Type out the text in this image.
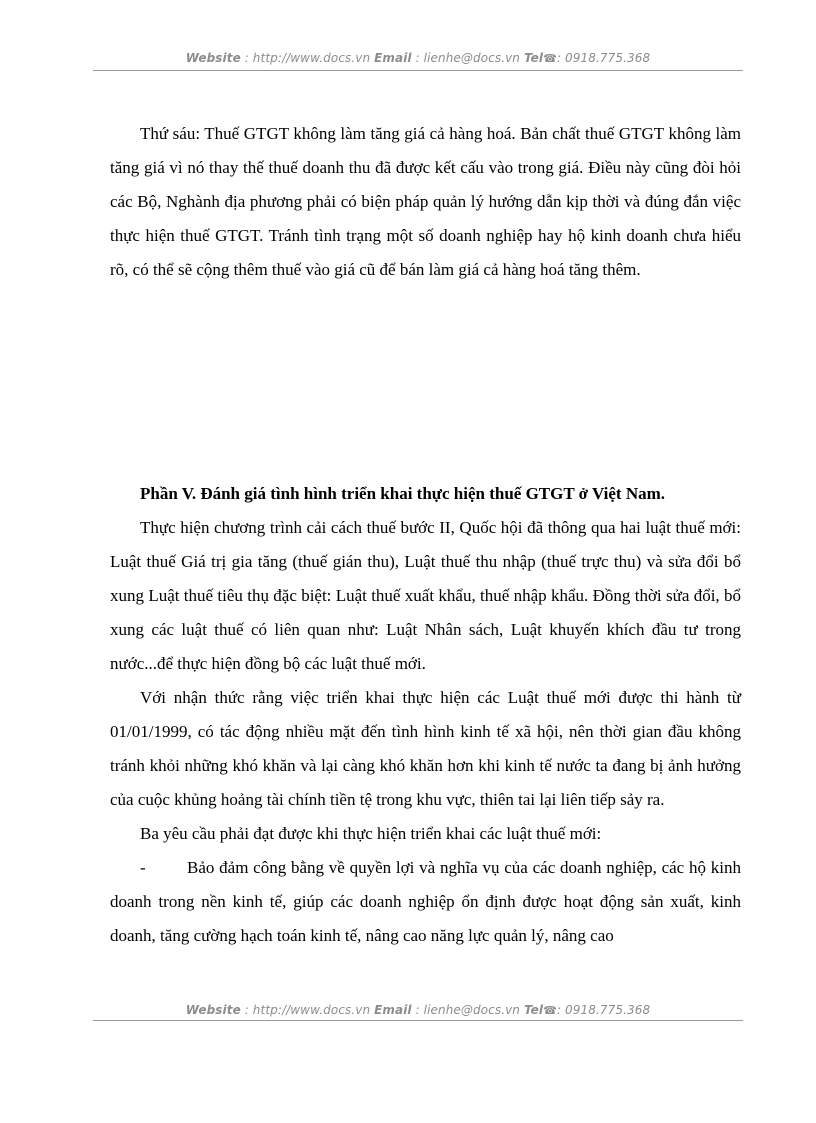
Website : http://www.docs.vn Email : lienhe@docs.vn Tel☎: 0918.775.368

Thứ sáu: Thuế GTGT không làm tăng giá cả hàng hoá. Bản chất thuế GTGT không làm tăng giá vì nó thay thế thuế doanh thu đã được kết cấu vào trong giá. Điều này cũng đòi hỏi các Bộ, Nghành địa phương phải có biện pháp quản lý hướng dẫn kịp thời và đúng đắn việc thực hiện thuế GTGT. Tránh tình trạng một số doanh nghiệp hay hộ kinh doanh chưa hiểu rõ, có thể sẽ cộng thêm thuế vào giá cũ để bán làm giá cả hàng hoá tăng thêm.

Phần V. Đánh giá tình hình triển khai thực hiện thuế GTGT ở Việt Nam.

Thực hiện chương trình cải cách thuế bước II, Quốc hội đã thông qua hai luật thuế mới: Luật thuế Giá trị gia tăng (thuế gián thu), Luật thuế thu nhập (thuế trực thu) và sửa đổi bổ xung Luật thuế tiêu thụ đặc biệt: Luật thuế xuất khẩu, thuế nhập khẩu. Đồng thời sửa đổi, bổ xung các luật thuế có liên quan như: Luật Nhân sách, Luật khuyến khích đầu tư trong nước...để thực hiện đồng bộ các luật thuế mới.

Với nhận thức rằng việc triển khai thực hiện các Luật thuế mới được thi hành từ 01/01/1999, có tác động nhiều mặt đến tình hình kinh tế xã hội, nên thời gian đầu không tránh khỏi những khó khăn và lại càng khó khăn hơn khi kinh tế nước ta đang bị ảnh hưởng của cuộc khủng hoảng tài chính tiền tệ trong khu vực, thiên tai lại liên tiếp sảy ra.

Ba yêu cầu phải đạt được khi thực hiện triển khai các luật thuế mới:

- Bảo đảm công bằng về quyền lợi và nghĩa vụ của các doanh nghiệp, các hộ kinh doanh trong nền kinh tế, giúp các doanh nghiệp ổn định được hoạt động sản xuất, kinh doanh, tăng cường hạch toán kinh tế, nâng cao năng lực quản lý, nâng cao

Website : http://www.docs.vn Email : lienhe@docs.vn Tel☎: 0918.775.368
